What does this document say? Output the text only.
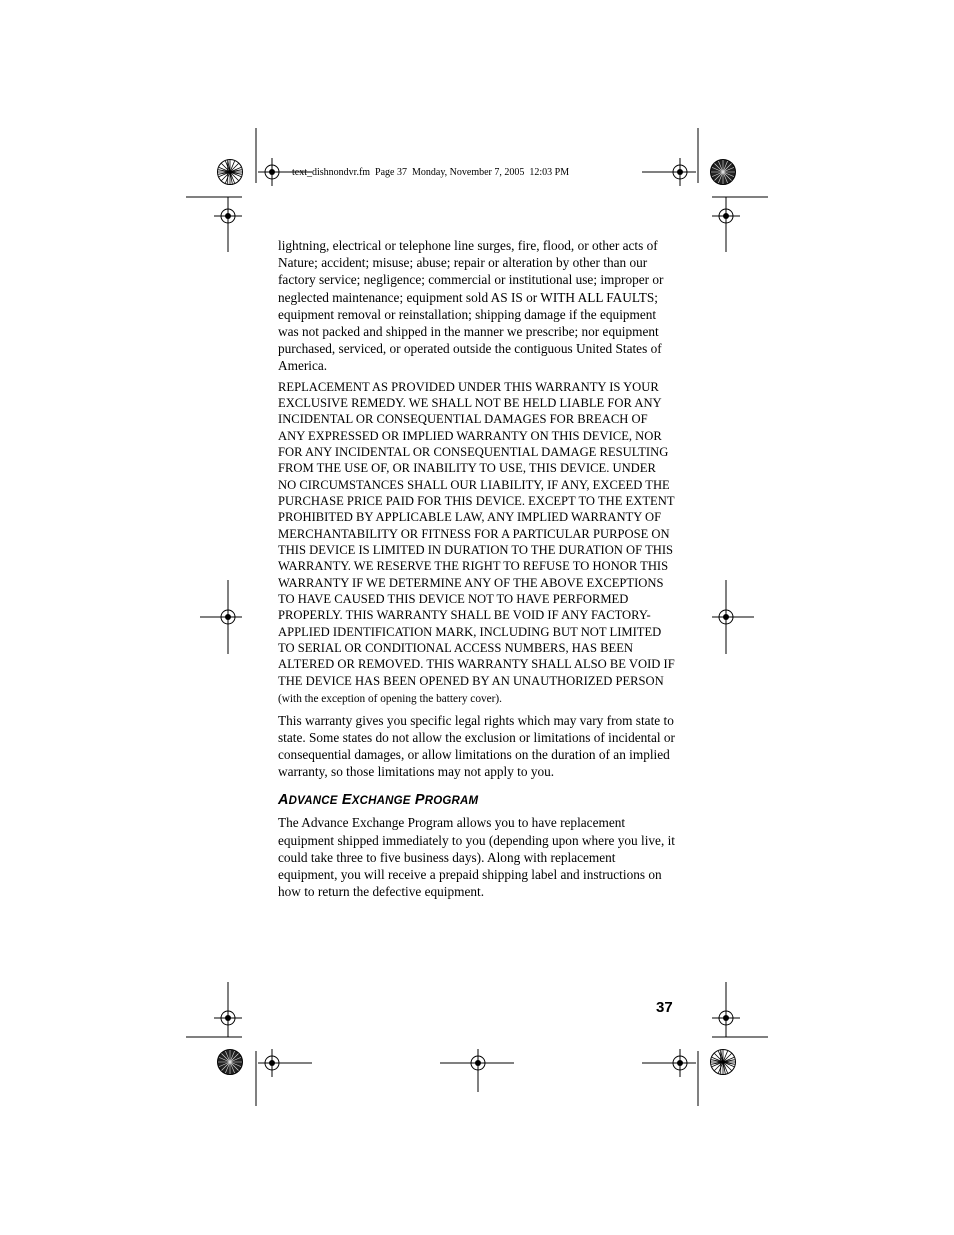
text_dishnondvr.fm  Page 37  Monday, November 7, 2005  12:03 PM

lightning, electrical or telephone line surges, fire, flood, or other acts of Nature; accident; misuse; abuse; repair or alteration by other than our factory service; negligence; commercial or institutional use; improper or neglected maintenance; equipment sold AS IS or WITH ALL FAULTS; equipment removal or reinstallation; shipping damage if the equipment was not packed and shipped in the manner we prescribe; nor equipment purchased, serviced, or operated outside the contiguous United States of America.

REPLACEMENT AS PROVIDED UNDER THIS WARRANTY IS YOUR EXCLUSIVE REMEDY. WE SHALL NOT BE HELD LIABLE FOR ANY INCIDENTAL OR CONSEQUENTIAL DAMAGES FOR BREACH OF ANY EXPRESSED OR IMPLIED WARRANTY ON THIS DEVICE, NOR FOR ANY INCIDENTAL OR CONSEQUENTIAL DAMAGE RESULTING FROM THE USE OF, OR INABILITY TO USE, THIS DEVICE. UNDER NO CIRCUMSTANCES SHALL OUR LIABILITY, IF ANY, EXCEED THE PURCHASE PRICE PAID FOR THIS DEVICE. EXCEPT TO THE EXTENT PROHIBITED BY APPLICABLE LAW, ANY IMPLIED WARRANTY OF MERCHANTABILITY OR FITNESS FOR A PARTICULAR PURPOSE ON THIS DEVICE IS LIMITED IN DURATION TO THE DURATION OF THIS WARRANTY. WE RESERVE THE RIGHT TO REFUSE TO HONOR THIS WARRANTY IF WE DETERMINE ANY OF THE ABOVE EXCEPTIONS TO HAVE CAUSED THIS DEVICE NOT TO HAVE PERFORMED PROPERLY. THIS WARRANTY SHALL BE VOID IF ANY FACTORY-APPLIED IDENTIFICATION MARK, INCLUDING BUT NOT LIMITED TO SERIAL OR CONDITIONAL ACCESS NUMBERS, HAS BEEN ALTERED OR REMOVED. THIS WARRANTY SHALL ALSO BE VOID IF THE DEVICE HAS BEEN OPENED BY AN UNAUTHORIZED PERSON (with the exception of opening the battery cover).

This warranty gives you specific legal rights which may vary from state to state. Some states do not allow the exclusion or limitations of incidental or consequential damages, or allow limitations on the duration of an implied warranty, so those limitations may not apply to you.

ADVANCE EXCHANGE PROGRAM

The Advance Exchange Program allows you to have replacement equipment shipped immediately to you (depending upon where you live, it could take three to five business days). Along with replacement equipment, you will receive a prepaid shipping label and instructions on how to return the defective equipment.

37
